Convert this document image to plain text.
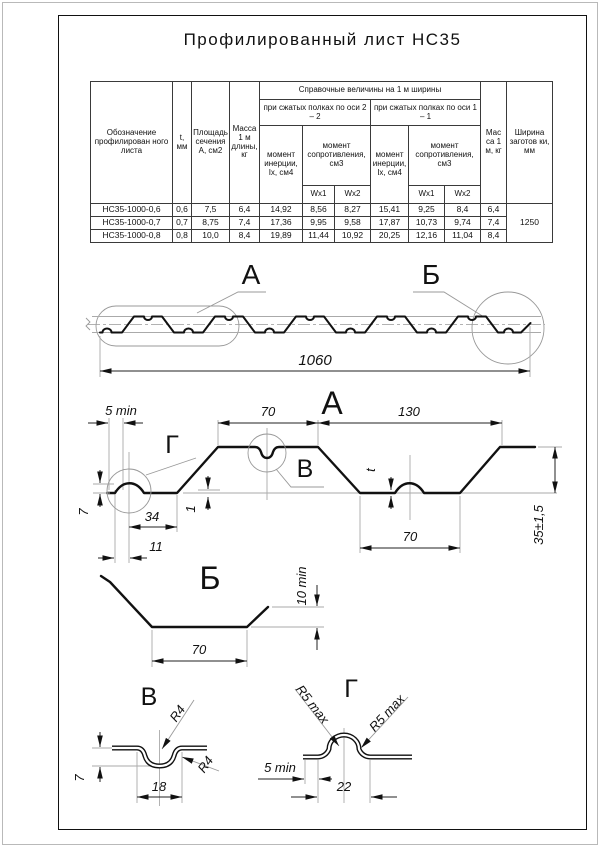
Профилированный лист НС35
Обозначение профилирован ного листа	t, мм	Площадь сечения А, см2	Масса 1 м длины, кг	Справочные величины на 1 м ширины						Мас са 1 м, кг	Ширина заготов ки, мм
				при сжатых полках по оси 2 – 2			при сжатых полках по оси 1 – 1				
				момент инерции, Iх, см4	момент сопротивления, см3		момент инерции, Iх, см4	момент сопротивления, см3			
					Wх1	Wх2		Wх1	Wх2		
НС35-1000-0,6	0,6	7,5	6,4	14,92	8,56	8,27	15,41	9,25	8,4	6,4	1250
НС35-1000-0,7	0,7	8,75	7,4	17,36	9,95	9,58	17,87	10,73	9,74	7,4	
НС35-1000-0,8	0,8	10,0	8,4	19,89	11,44	10,92	20,25	12,16	11,04	8,4	
А	Б
1060
А
5 min	70	130
Г
В
7	34
11
1
t
70	35±1,5
Б
70
10 min
В
7
18
R4
R4
Г
R5 max	R5 max
5 min
22
